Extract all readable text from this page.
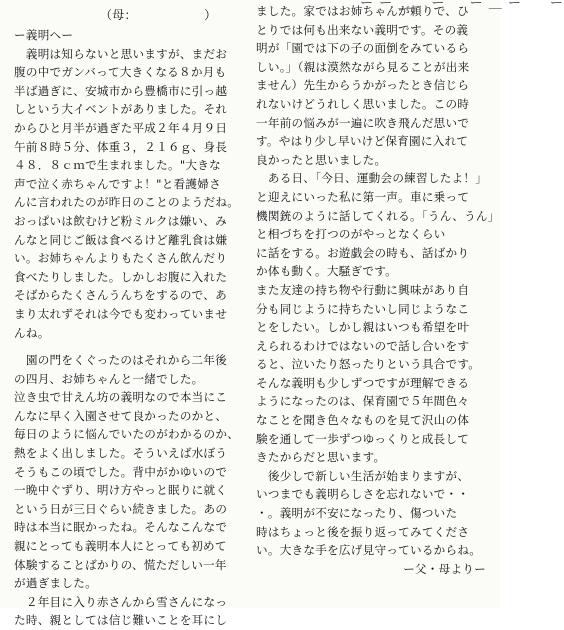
ー ー ＿　 ー 　 ー ＿ ー　　ー
（母：　　　　　　）
ー義明へー
　義明は知らないと思いますが、まだお
腹の中でガンバって大きくなる８か月も
半ば過ぎに、安城市から豊橋市に引っ越
しという大イベントがありました。それ
からひと月半が過ぎた平成２年４月９日
午前８時５分、体重３，２１６ｇ、身長
４８．８ｃｍで生まれました。"大きな
声で泣く赤ちゃんですよ！"と看護婦さ
んに言われたのが昨日のことのようだね。
おっぱいは飲むけど粉ミルクは嫌い、み
んなと同じご飯は食べるけど離乳食は嫌
い。お姉ちゃんよりもたくさん飲んだり
食べたりしました。しかしお腹に入れた
そばからたくさんうんちをするので、あ
まり太れずそれは今でも変わっていませ
んね。
　園の門をくぐったのはそれから二年後
の四月、お姉ちゃんと一緒でした。
泣き虫で甘えん坊の義明なので本当にこ
んなに早く入園させて良かったのかと、
毎日のように悩んでいたのがわかるのか、
熱をよく出しました。そういえば水ぼう
そうもこの頃でした。背中がかゆいので
一晩中ぐずり、明け方やっと眠りに就く
という日が三日ぐらい続きました。あの
時は本当に眠かったね。そんなこんなで
親にとっても義明本人にとっても初めて
体験することばかりの、慌ただしい一年
が過ぎました。
　２年目に入り赤さんから雪さんになっ
た時、親としては信じ難いことを耳にし
ました。家ではお姉ちゃんが頼りで、ひ
とりでは何も出来ない義明です。その義
明が「園では下の子の面倒をみているら
しい。」（親は漠然ながら見ることが出来
ません）先生からうかがったとき信じら
れないけどうれしく思いました。この時
一年前の悩みが一遍に吹き飛んだ思いで
す。やはり少し早いけど保育園に入れて
良かったと思いました。
　ある日、「今日、運動会の練習したよ！」
と迎えにいった私に第一声。車に乗って
機関銃のように話してくれる。「うん、うん」
と相づちを打つのがやっとなくらい
に話をする。お遊戯会の時も、話ばかり
か体も動く。大騒ぎです。
また友達の持ち物や行動に興味があり自
分も同じように持ちたいし同じようなこ
とをしたい。しかし親はいつも希望を叶
えられるわけではないので話し合いをす
ると、泣いたり怒ったりという具合です。
そんな義明も少しずつですが理解できる
ようになったのは、保育園で５年間色々
なことを聞き色々なものを見て沢山の体
験を通して一歩ずつゆっくりと成長して
きたからだと思います。
　後少しで新しい生活が始まりますが、
いつまでも義明らしさを忘れないで・・
・。義明が不安になったり、傷ついた
時はちょっと後を振り返ってみてくださ
い。大きな手を広げ見守っているからね。
ー父・母よりー
